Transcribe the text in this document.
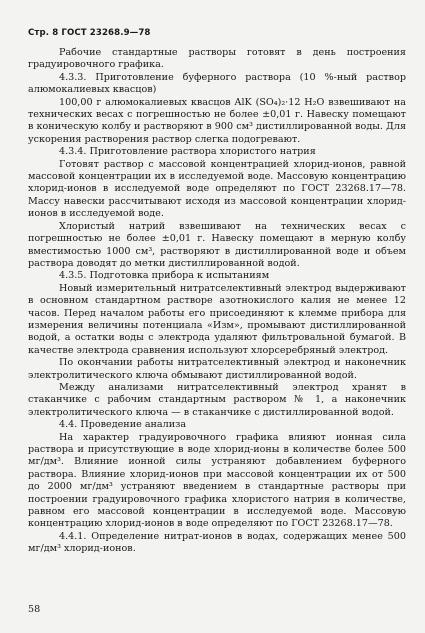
Стр. 8 ГОСТ 23268.9—78

Рабочие стандартные растворы готовят в день построения градуировочного графика.

4.3.3. Приготовление буферного раствора (10 %-ный раствор алюмокалиевых квасцов)

100,00 г алюмокалиевых квасцов AlK (SO₄)₂·12 H₂O взвешивают на технических весах с погрешностью не более ±0,01 г. Навеску помещают в коническую колбу и растворяют в 900 см³ дистиллированной воды. Для ускорения растворения раствор слегка подогревают.

4.3.4. Приготовление раствора хлористого натрия

Готовят раствор с массовой концентрацией хлорид-ионов, равной массовой концентрации их в исследуемой воде. Массовую концентрацию хлорид-ионов в исследуемой воде определяют по ГОСТ 23268.17—78. Массу навески рассчитывают исходя из массовой концентрации хлорид-ионов в исследуемой воде.

Хлористый натрий взвешивают на технических весах с погрешностью не более ±0,01 г. Навеску помещают в мерную колбу вместимостью 1000 см³, растворяют в дистиллированной воде и объем раствора доводят до метки дистиллированной водой.

4.3.5. Подготовка прибора к испытаниям

Новый измерительный нитратселективный электрод выдерживают в основном стандартном растворе азотнокислого калия не менее 12 часов. Перед началом работы его присоединяют к клемме прибора для измерения величины потенциала «Изм», промывают дистиллированной водой, а остатки воды с электрода удаляют фильтровальной бумагой. В качестве электрода сравнения используют хлорсеребряный электрод.

По окончании работы нитратселективный электрод и наконечник электролитического ключа обмывают дистиллированной водой.

Между анализами нитратселективный электрод хранят в стаканчике с рабочим стандартным раствором № 1, а наконечник электролитического ключа — в стаканчике с дистиллированной водой.

4.4. Проведение анализа

На характер градуировочного графика влияют ионная сила раствора и присутствующие в воде хлорид-ионы в количестве более 500 мг/дм³. Влияние ионной силы устраняют добавлением буферного раствора. Влияние хлорид-ионов при массовой концентрации их от 500 до 2000 мг/дм³ устраняют введением в стандартные растворы при построении градуировочного графика хлористого натрия в количестве, равном его массовой концентрации в исследуемой воде. Массовую концентрацию хлорид-ионов в воде определяют по ГОСТ 23268.17—78.

4.4.1. Определение нитрат-ионов в водах, содержащих менее 500 мг/дм³ хлорид-ионов.

58
